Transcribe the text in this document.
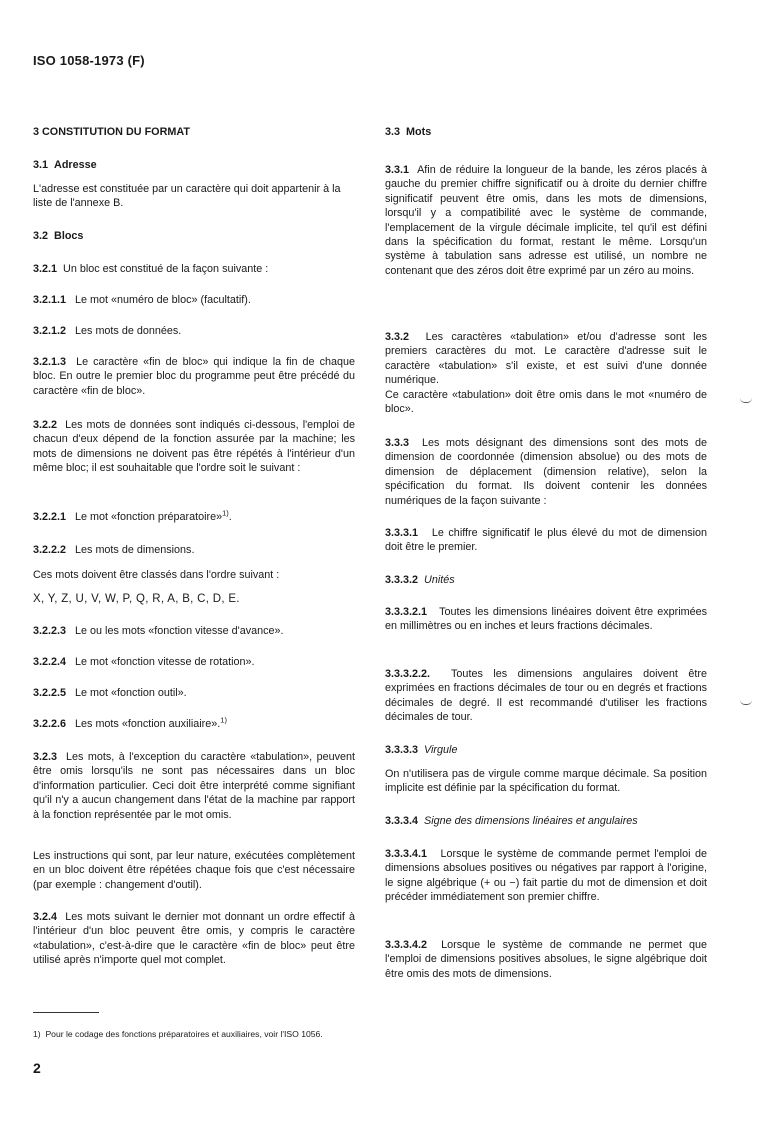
ISO 1058-1973 (F)

3 CONSTITUTION DU FORMAT

3.1 Adresse

L'adresse est constituée par un caractère qui doit appartenir à la liste de l'annexe B.

3.2 Blocs

3.2.1 Un bloc est constitué de la façon suivante :

3.2.1.1 Le mot «numéro de bloc» (facultatif).

3.2.1.2 Les mots de données.

3.2.1.3 Le caractère «fin de bloc» qui indique la fin de chaque bloc. En outre le premier bloc du programme peut être précédé du caractère «fin de bloc».

3.2.2 Les mots de données sont indiqués ci-dessous, l'emploi de chacun d'eux dépend de la fonction assurée par la machine; les mots de dimensions ne doivent pas être répétés à l'intérieur d'un même bloc; il est souhaitable que l'ordre soit le suivant :

3.2.2.1 Le mot «fonction préparatoire»$^{1)}$.

3.2.2.2 Les mots de dimensions.

Ces mots doivent être classés dans l'ordre suivant :

X, Y, Z, U, V, W, P, Q, R, A, B, C, D, E.

3.2.2.3 Le ou les mots «fonction vitesse d'avance».

3.2.2.4 Le mot «fonction vitesse de rotation».

3.2.2.5 Le mot «fonction outil».

3.2.2.6 Les mots «fonction auxiliaire».$^{1)}$

3.2.3 Les mots, à l'exception du caractère «tabulation», peuvent être omis lorsqu'ils ne sont pas nécessaires dans un bloc d'information particulier. Ceci doit être interprété comme signifiant qu'il n'y a aucun changement dans l'état de la machine par rapport à la fonction représentée par le mot omis.

Les instructions qui sont, par leur nature, exécutées complètement en un bloc doivent être répétées chaque fois que c'est nécessaire (par exemple : changement d'outil).

3.2.4 Les mots suivant le dernier mot donnant un ordre effectif à l'intérieur d'un bloc peuvent être omis, y compris le caractère «tabulation», c'est-à-dire que le caractère «fin de bloc» peut être utilisé après n'importe quel mot complet.

3.3 Mots

3.3.1 Afin de réduire la longueur de la bande, les zéros placés à gauche du premier chiffre significatif ou à droite du dernier chiffre significatif peuvent être omis, dans les mots de dimensions, lorsqu'il y a compatibilité avec le système de commande, l'emplacement de la virgule décimale implicite, tel qu'il est défini dans la spécification du format, restant le même. Lorsqu'un système à tabulation sans adresse est utilisé, un nombre ne contenant que des zéros doit être exprimé par un zéro au moins.

3.3.2 Les caractères «tabulation» et/ou d'adresse sont les premiers caractères du mot. Le caractère d'adresse suit le caractère «tabulation» s'il existe, et est suivi d'une donnée numérique.

Ce caractère «tabulation» doit être omis dans le mot «numéro de bloc».

3.3.3 Les mots désignant des dimensions sont des mots de dimension de coordonnée (dimension absolue) ou des mots de dimension de déplacement (dimension relative), selon la spécification du format. Ils doivent contenir les données numériques de la façon suivante :

3.3.3.1 Le chiffre significatif le plus élevé du mot de dimension doit être le premier.

3.3.3.2 Unités

3.3.3.2.1 Toutes les dimensions linéaires doivent être exprimées en millimètres ou en inches et leurs fractions décimales.

3.3.3.2.2. Toutes les dimensions angulaires doivent être exprimées en fractions décimales de tour ou en degrés et fractions décimales de degré. Il est recommandé d'utiliser les fractions décimales de tour.

3.3.3.3 Virgule

On n'utilisera pas de virgule comme marque décimale. Sa position implicite est définie par la spécification du format.

3.3.3.4 Signe des dimensions linéaires et angulaires

3.3.3.4.1 Lorsque le système de commande permet l'emploi de dimensions absolues positives ou négatives par rapport à l'origine, le signe algébrique (+ ou −) fait partie du mot de dimension et doit précéder immédiatement son premier chiffre.

3.3.3.4.2 Lorsque le système de commande ne permet que l'emploi de dimensions positives absolues, le signe algébrique doit être omis des mots de dimensions.

1) Pour le codage des fonctions préparatoires et auxiliaires, voir l'ISO 1056.
2
